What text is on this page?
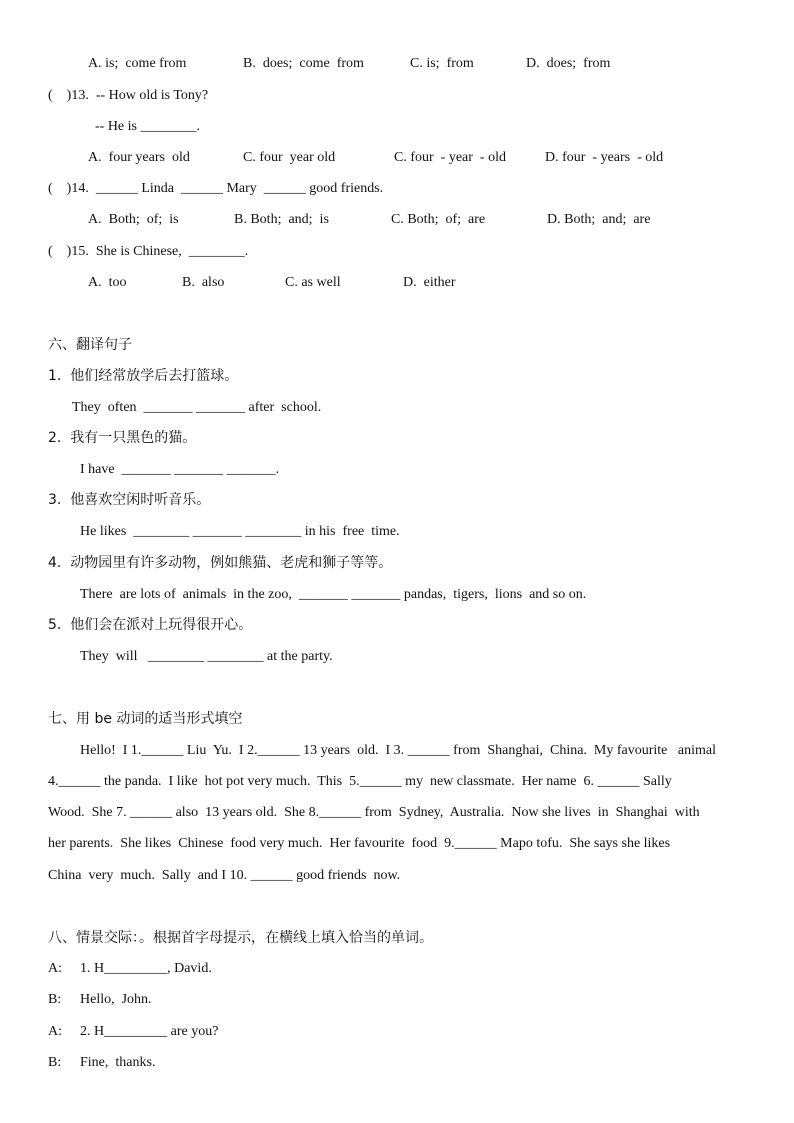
A. is;  come from	B.  does;  come  from	C. is;  from	D.  does;  from
(    )13.  -- How old is Tony?
-- He is ________.
A.  four years  old	C. four  year old	C. four  - year  - old	D. four  - years  - old
(    )14.  ______ Linda  ______ Mary  ______ good friends.
A.  Both;  of;  is	B. Both;  and;  is	C. Both;  of;  are	D. Both;  and;  are
(    )15.  She is Chinese,  ________.
A.  too	B.  also	C. as well	D.  either
六、翻译句子
1.  他们经常放学后去打篮球。
They  often  _______ _______ after  school.
2.  我有一只黑色的猫。
I have  _______ _______ _______.
3.  他喜欢空闲时听音乐。
He likes  ________ _______ ________ in his  free  time.
4.  动物园里有许多动物，例如熊猫、老虎和狮子等等。
There  are lots of  animals  in the zoo,  _______ _______ pandas,  tigers,  lions  and so on.
5.  他们会在派对上玩得很开心。
They  will   ________ ________ at the party.
七、用 be 动词的适当形式填空
Hello!  I 1.______ Liu  Yu.  I 2.______ 13 years  old.  I 3. ______ from  Shanghai,  China.  My favourite   animal
4.______ the panda.  I like  hot pot very much.  This  5.______ my  new classmate.  Her name  6. ______ Sally
Wood.  She 7. ______ also  13 years old.  She 8.______ from  Sydney,  Australia.  Now she lives  in  Shanghai  with
her parents.  She likes  Chinese  food very much.  Her favourite  food  9.______ Mapo tofu.  She says she likes
China  very  much.  Sally  and I 10. ______ good friends  now.
八、情景交际：。根据首字母提示，在横线上填入恰当的单词。
A: 1. H_________, David.
B: Hello,  John.
A: 2. H_________ are you?
B: Fine,  thanks.
